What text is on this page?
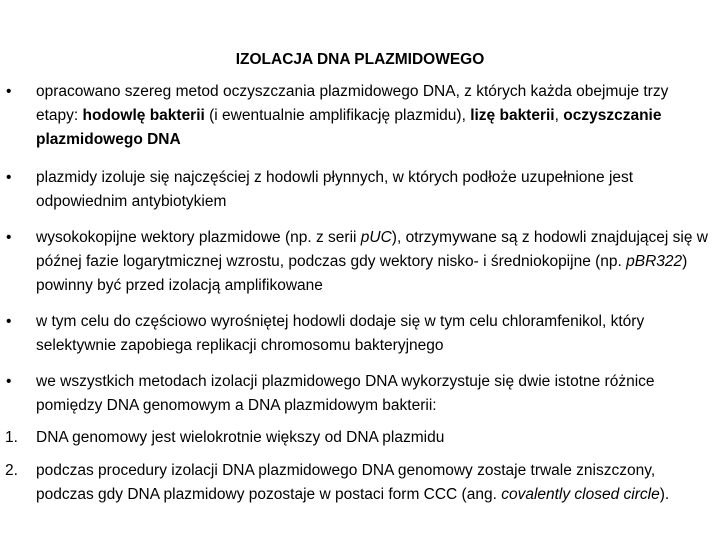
IZOLACJA DNA PLAZMIDOWEGO
•	opracowano szereg metod oczyszczania plazmidowego DNA, z których każda obejmuje trzy etapy: hodowlę bakterii (i ewentualnie amplifikację plazmidu), lizę bakterii, oczyszczanie plazmidowego DNA
•	plazmidy izoluje się najczęściej z hodowli płynnych, w których podłoże uzupełnione jest odpowiednim antybiotykiem
•	wysokokopijne wektory plazmidowe (np. z serii pUC), otrzymywane są z hodowli znajdującej się w późnej fazie logarytmicznej wzrostu, podczas gdy wektory nisko- i średniokopijne (np. pBR322) powinny być przed izolacją amplifikowane
•	w tym celu do częściowo wyrośniętej hodowli dodaje się w tym celu chloramfenikol, który selektywnie zapobiega replikacji chromosomu bakteryjnego
•	we wszystkich metodach izolacji plazmidowego DNA wykorzystuje się dwie istotne różnice pomiędzy DNA genomowym a DNA plazmidowym bakterii:
1.	DNA genomowy jest wielokrotnie większy od DNA plazmidu
2.	podczas procedury izolacji DNA plazmidowego DNA genomowy zostaje trwale zniszczony, podczas gdy DNA plazmidowy pozostaje w postaci form CCC (ang. covalently closed circle).
